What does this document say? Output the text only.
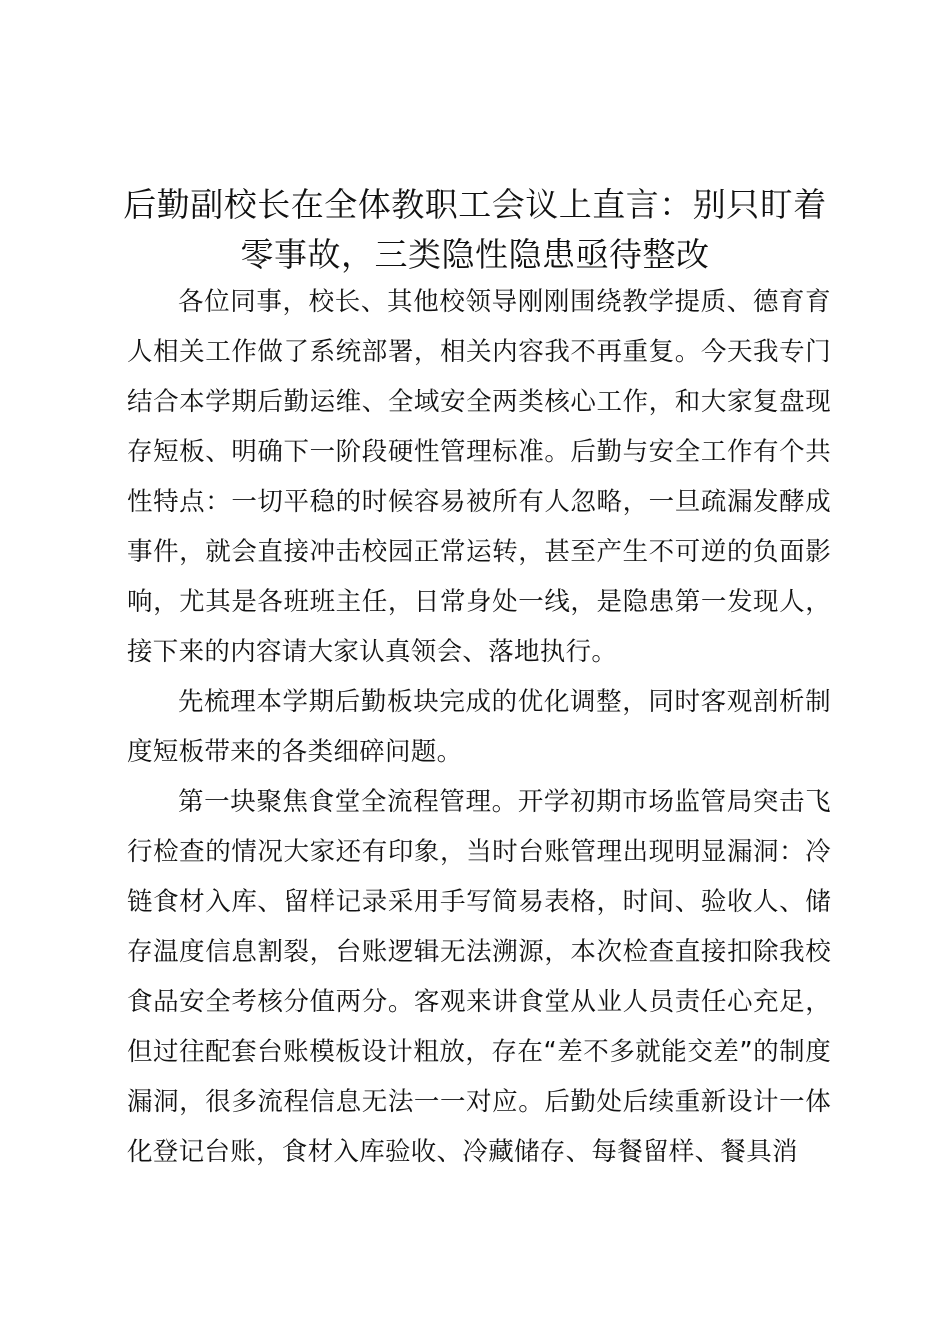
后勤副校长在全体教职工会议上直言：别只盯着零事故，三类隐性隐患亟待整改

各位同事，校长、其他校领导刚刚围绕教学提质、德育育人相关工作做了系统部署，相关内容我不再重复。今天我专门结合本学期后勤运维、全域安全两类核心工作，和大家复盘现存短板、明确下一阶段硬性管理标准。后勤与安全工作有个共性特点：一切平稳的时候容易被所有人忽略，一旦疏漏发酵成事件，就会直接冲击校园正常运转，甚至产生不可逆的负面影响，尤其是各班班主任，日常身处一线，是隐患第一发现人，接下来的内容请大家认真领会、落地执行。

先梳理本学期后勤板块完成的优化调整，同时客观剖析制度短板带来的各类细碎问题。

第一块聚焦食堂全流程管理。开学初期市场监管局突击飞行检查的情况大家还有印象，当时台账管理出现明显漏洞：冷链食材入库、留样记录采用手写简易表格，时间、验收人、储存温度信息割裂，台账逻辑无法溯源，本次检查直接扣除我校食品安全考核分值两分。客观来讲食堂从业人员责任心充足，但过往配套台账模板设计粗放，存在“差不多就能交差”的制度漏洞，很多流程信息无法一一对应。后勤处后续重新设计一体化登记台账，食材入库验收、冷藏储存、每餐留样、餐具消
